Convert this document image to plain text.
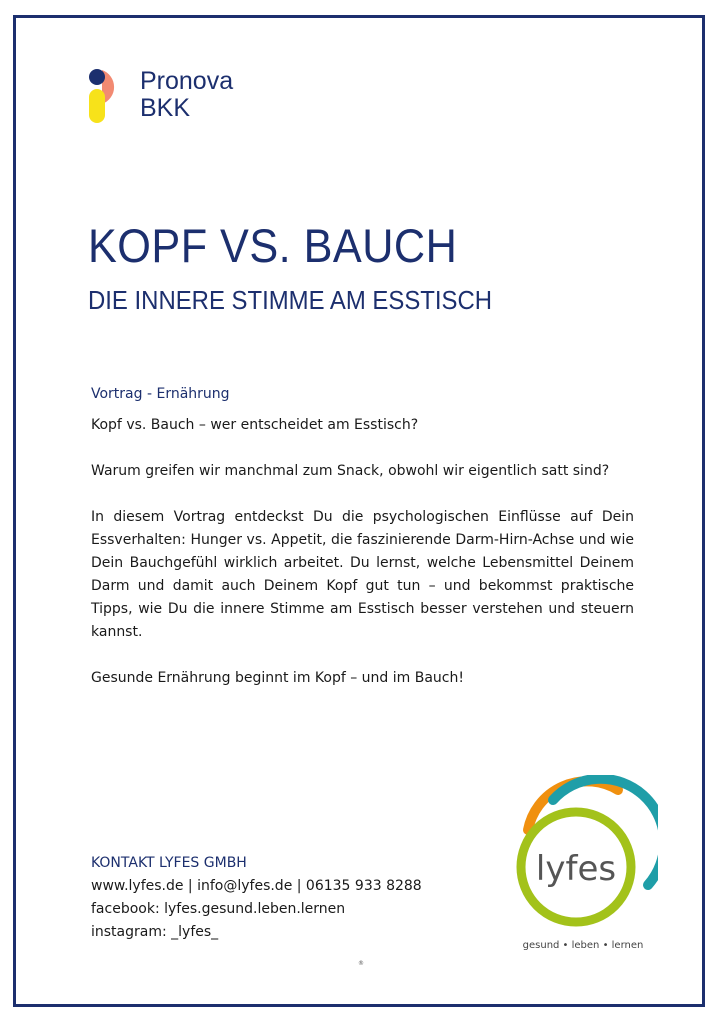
Pronova
BKK
KOPF VS. BAUCH
DIE INNERE STIMME AM ESSTISCH
Vortrag - Ernährung

Kopf vs. Bauch – wer entscheidet am Esstisch?

Warum greifen wir manchmal zum Snack, obwohl wir eigentlich satt sind?

In diesem Vortrag entdeckst Du die psychologischen Einflüsse auf Dein Essverhalten: Hunger vs. Appetit, die faszinierende Darm-Hirn-Achse und wie Dein Bauchgefühl wirklich arbeitet. Du lernst, welche Lebensmittel Deinem Darm und damit auch Deinem Kopf gut tun – und bekommst praktische Tipps, wie Du die innere Stimme am Esstisch besser verstehen und steuern kannst.

Gesunde Ernährung beginnt im Kopf – und im Bauch!

KONTAKT LYFES GMBH
www.lyfes.de | info@lyfes.de | 06135 933 8288
facebook: lyfes.gesund.leben.lernen
instagram: _lyfes_
lyfes
gesund • leben • lernen
®
